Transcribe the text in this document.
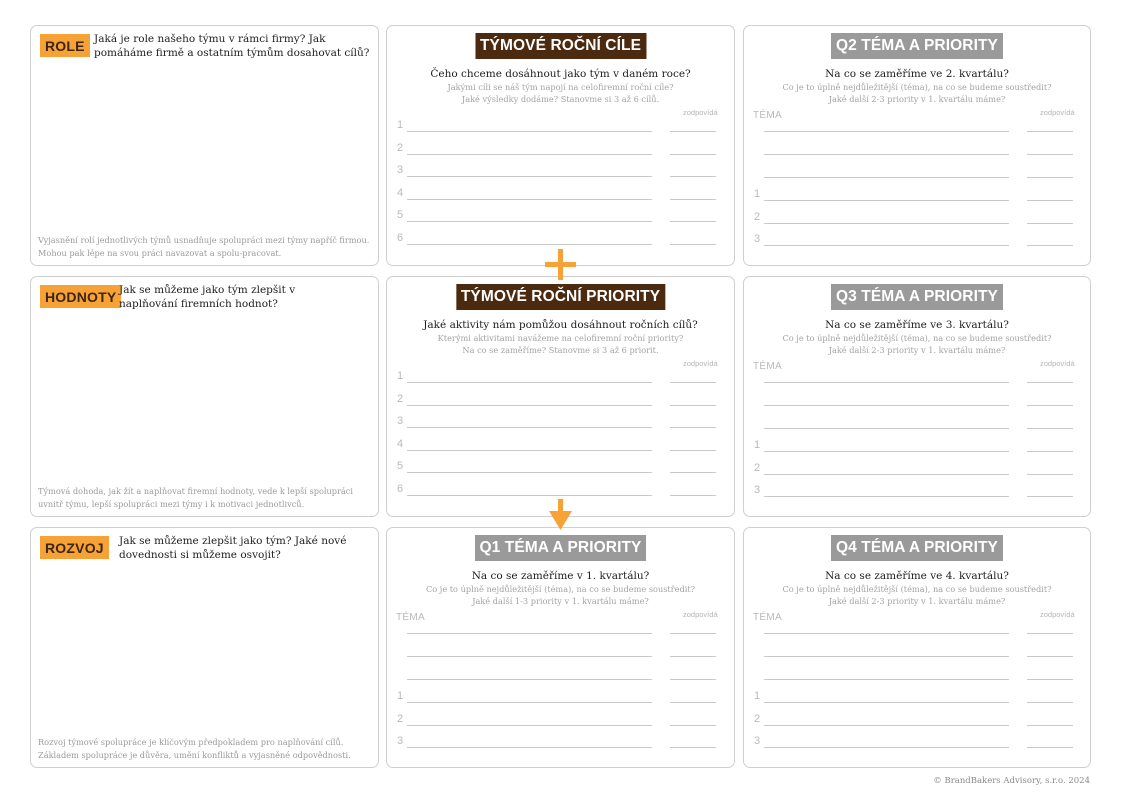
ROLE Jaká je role našeho týmu v rámci firmy? Jak pomáháme firmě a ostatním týmům dosahovat cílů?
Vyjasnění rolí jednotlivých týmů usnadňuje spolupráci mezi týmy napříč firmou. Mohou pak lépe na svou práci navazovat a spolu-pracovat.
HODNOTY Jak se můžeme jako tým zlepšit v naplňování firemních hodnot?
Týmová dohoda, jak žít a naplňovat firemní hodnoty, vede k lepší spolupráci uvnitř týmu, lepší spolupráci mezi týmy i k motivaci jednotlivců.
ROZVOJ	Jak se můžeme zlepšit jako tým? Jaké nové dovednosti si můžeme osvojit?
Rozvoj týmové spolupráce je klíčovým předpokladem pro naplňování cílů. Základem spolupráce je důvěra, umění konfliktů a vyjasněné odpovědnosti.
TÝMOVÉ ROČNÍ CÍLE
Čeho chceme dosáhnout jako tým v daném roce?
Jakými cíli se náš tým napojí na celofiremní roční cíle?
Jaké výsledky dodáme? Stanovme si 3 až 6 cílů.
zodpovídá
1
2
3
4
5
6
TÝMOVÉ ROČNÍ PRIORITY
Jaké aktivity nám pomůžou dosáhnout ročních cílů?
Kterými aktivitami navážeme na celofiremní roční priority?
Na co se zaměříme? Stanovme si 3 až 6 priorit.
zodpovídá
1
2
3
4
5
6
Q1 TÉMA A PRIORITY
Na co se zaměříme v 1. kvartálu?
Co je to úplně nejdůležitější (téma), na co se budeme soustředit?
Jaké další 1-3 priority v 1. kvartálu máme?
zodpovídá
TÉMA
1
2
3
Q2 TÉMA A PRIORITY
Na co se zaměříme ve 2. kvartálu?
Co je to úplně nejdůležitější (téma), na co se budeme soustředit?
Jaké další 2-3 priority v 1. kvartálu máme?
zodpovídá
TÉMA
1
2
3
Q3 TÉMA A PRIORITY
Na co se zaměříme ve 3. kvartálu?
Co je to úplně nejdůležitější (téma), na co se budeme soustředit?
Jaké další 2-3 priority v 1. kvartálu máme?
zodpovídá
TÉMA
1
2
3
Q4 TÉMA A PRIORITY
Na co se zaměříme ve 4. kvartálu?
Co je to úplně nejdůležitější (téma), na co se budeme soustředit?
Jaké další 2-3 priority v 1. kvartálu máme?
zodpovídá
TÉMA
1
2
3
© BrandBakers Advisory, s.r.o. 2024
